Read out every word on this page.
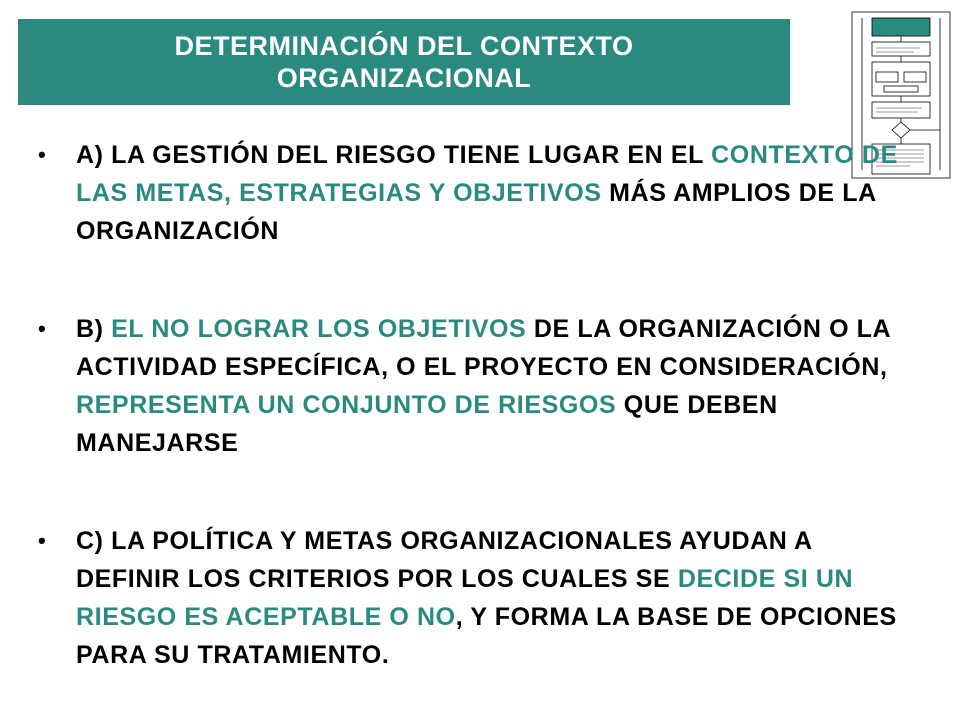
DETERMINACIÓN DEL CONTEXTO
ORGANIZACIONAL
• A) LA GESTIÓN DEL RIESGO TIENE LUGAR EN EL CONTEXTO DE LAS METAS, ESTRATEGIAS Y OBJETIVOS MÁS AMPLIOS DE LA ORGANIZACIÓN
• B) EL NO LOGRAR LOS OBJETIVOS DE LA ORGANIZACIÓN O LA ACTIVIDAD ESPECÍFICA, O EL PROYECTO EN CONSIDERACIÓN, REPRESENTA UN CONJUNTO DE RIESGOS QUE DEBEN MANEJARSE
• C) LA POLÍTICA Y METAS ORGANIZACIONALES AYUDAN A DEFINIR LOS CRITERIOS POR LOS CUALES SE DECIDE SI UN RIESGO ES ACEPTABLE O NO, Y FORMA LA BASE DE OPCIONES PARA SU TRATAMIENTO.
